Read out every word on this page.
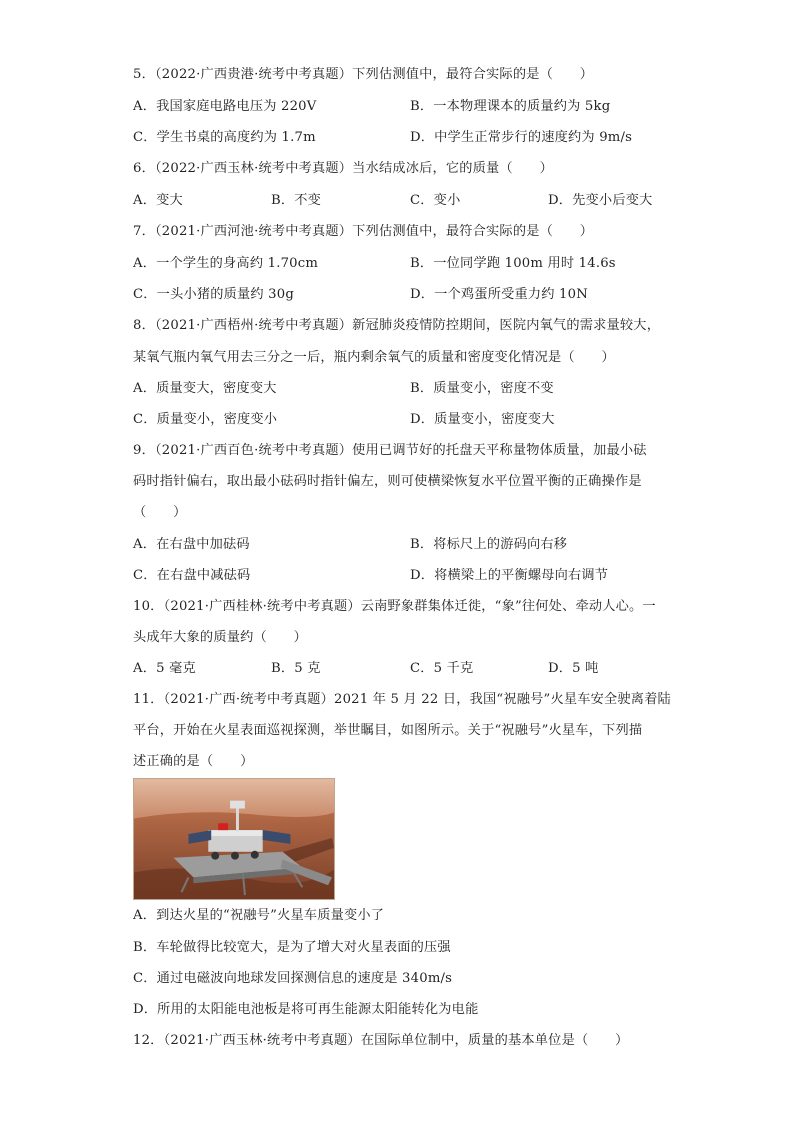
5．（2022·广西贵港·统考中考真题）下列估测值中，最符合实际的是（　　）
A．我国家庭电路电压为 220V	B．一本物理课本的质量约为 5kg
C．学生书桌的高度约为 1.7m	D．中学生正常步行的速度约为 9m/s
6．（2022·广西玉林·统考中考真题）当水结成冰后，它的质量（　　）
A．变大	B．不变	C．变小	D．先变小后变大
7．（2021·广西河池·统考中考真题）下列估测值中，最符合实际的是（　　）
A．一个学生的身高约 1.70cm	B．一位同学跑 100m 用时 14.6s
C．一头小猪的质量约 30g	D．一个鸡蛋所受重力约 10N
8．（2021·广西梧州·统考中考真题）新冠肺炎疫情防控期间，医院内氧气的需求量较大，
某氧气瓶内氧气用去三分之一后，瓶内剩余氧气的质量和密度变化情况是（　　）
A．质量变大，密度变大	B．质量变小，密度不变
C．质量变小，密度变小	D．质量变小，密度变大
9．（2021·广西百色·统考中考真题）使用已调节好的托盘天平称量物体质量，加最小砝
码时指针偏右，取出最小砝码时指针偏左，则可使横梁恢复水平位置平衡的正确操作是
（　　）
A．在右盘中加砝码	B．将标尺上的游码向右移
C．在右盘中减砝码	D．将横梁上的平衡螺母向右调节
10．（2021·广西桂林·统考中考真题）云南野象群集体迁徙，“象”往何处、牵动人心。一
头成年大象的质量约（　　）
A．5 毫克	B．5 克	C．5 千克	D．5 吨
11．（2021·广西·统考中考真题）2021 年 5 月 22 日，我国“祝融号”火星车安全驶离着陆
平台，开始在火星表面巡视探测，举世瞩目，如图所示。关于“祝融号”火星车，下列描
述正确的是（　　）
A．到达火星的“祝融号”火星车质量变小了
B．车轮做得比较宽大，是为了增大对火星表面的压强
C．通过电磁波向地球发回探测信息的速度是 340m/s
D．所用的太阳能电池板是将可再生能源太阳能转化为电能
12．（2021·广西玉林·统考中考真题）在国际单位制中，质量的基本单位是（　　）
